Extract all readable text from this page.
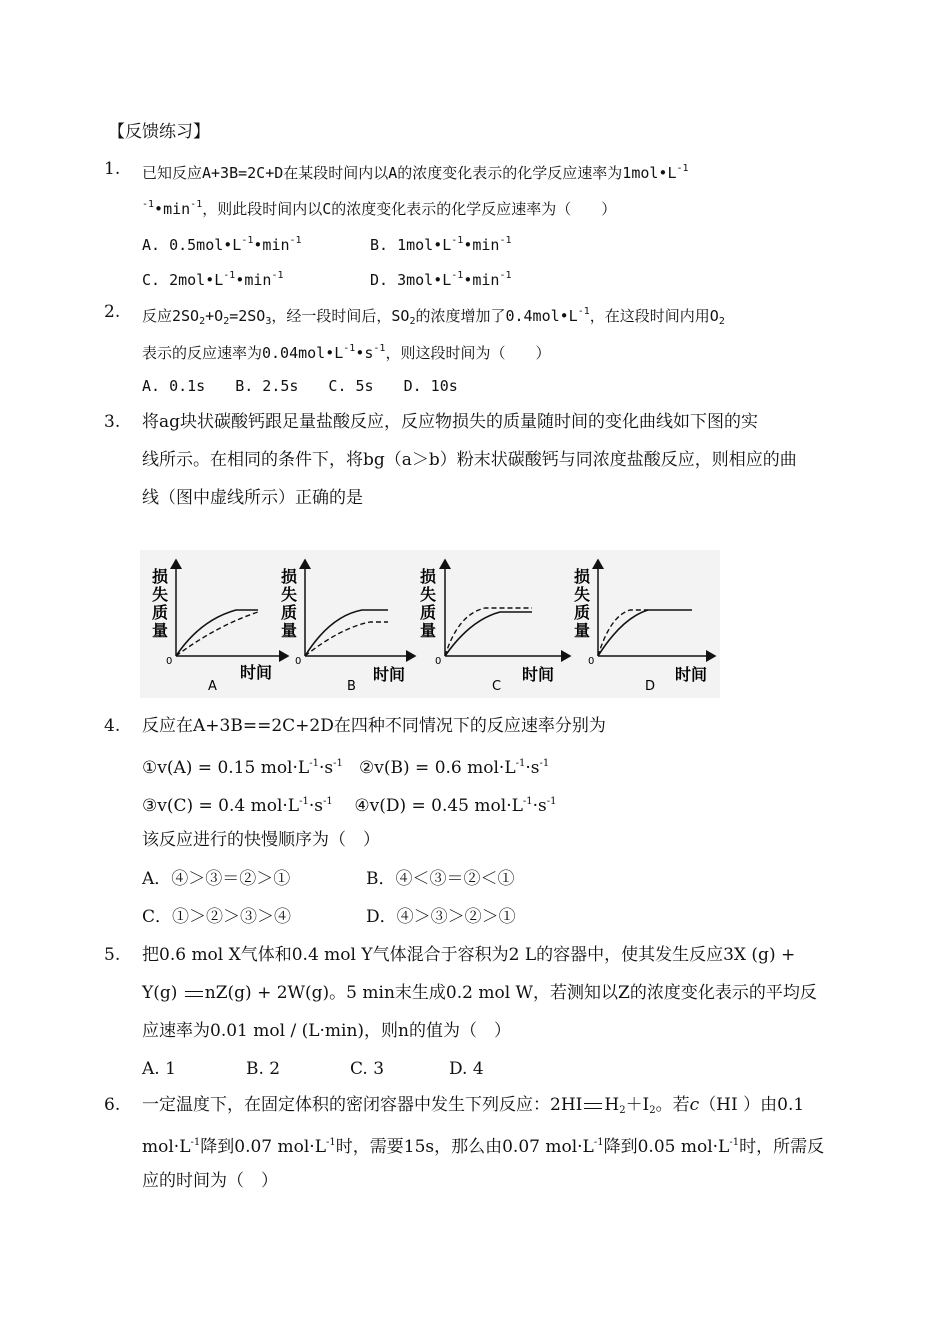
【反馈练习】
1. 已知反应A+3B=2C+D在某段时间内以A的浓度变化表示的化学反应速率为$1mol•L^{-1}$
$^{-1}•\min^{-1}$，则此段时间内以C的浓度变化表示的化学反应速率为（　　）
A. $0.5mol•L^{-1}•\min^{-1}$	B. $1mol•L^{-1}•\min^{-1}$
C. $2mol•L^{-1}•\min^{-1}$	D. $3mol•L^{-1}•\min^{-1}$
2. 反应$2SO_2+O_2=2SO_3$，经一段时间后，$SO_2$的浓度增加了$0.4mol•L^{-1}$，在这段时间内用$O_2$
表示的反应速率为$0.04mol•L^{-1}•s^{-1}$，则这段时间为（　　）
A. 0.1s　　B. 2.5s　　C. 5s　　D. 10s
3. 将ag块状碳酸钙跟足量盐酸反应，反应物损失的质量随时间的变化曲线如下图的实
线所示。在相同的条件下，将bg（a＞b）粉末状碳酸钙与同浓度盐酸反应，则相应的曲
线（图中虚线所示）正确的是
损
失
质
量
0
时间
A
损
失
质
量
0
时间
B
损
失
质
量
0
时间
C
损
失
质
量
0
时间
D
4. 反应在A+3B==2C+2D在四种不同情况下的反应速率分别为
①v(A) = 0.15 $mol\cdot L^{-1}\cdot s^{-1}$ ②v(B) = 0.6 $mol\cdot L^{-1}\cdot s^{-1}$
③v(C) = 0.4 $mol\cdot L^{-1}\cdot s^{-1}$ ④v(D) = 0.45 $mol\cdot L^{-1}\cdot s^{-1}$
该反应进行的快慢顺序为（　）
A．④＞③＝②＞①	B．④＜③＝②＜①
C．①＞②＞③＞④	D．④＞③＞②＞①
5. 把0.6 mol X气体和0.4 mol Y气体混合于容积为2 L的容器中，使其发生反应3X (g) +
Y(g) nZ(g) + 2W(g)。5 min末生成0.2 mol W，若测知以Z的浓度变化表示的平均反
应速率为0.01 mol / (L·min)，则n的值为（　）
A. 1	B. 2	C. 3	D. 4
6. 一定温度下，在固定体积的密闭容器中发生下列反应：2HI $H_2+I_2$。若c（HI ）由0.1
$mol\cdot L^{-1}$降到0.07 $mol\cdot L^{-1}$时，需要15s，那么由0.07 $mol\cdot L^{-1}$降到0.05 $mol\cdot L^{-1}$时，所需反
应的时间为（　）
